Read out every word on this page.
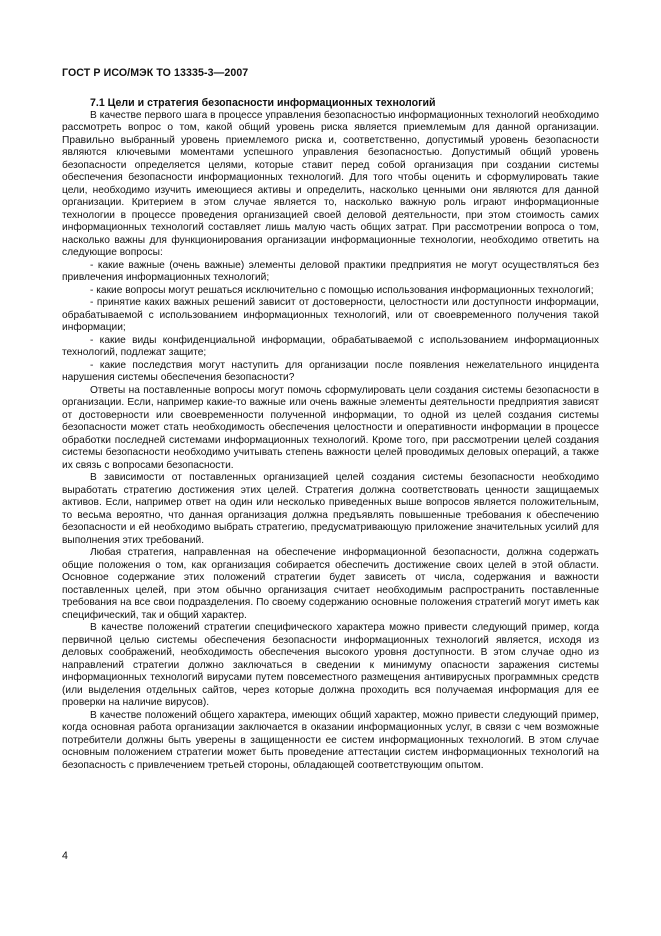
ГОСТ Р ИСО/МЭК ТО 13335-3—2007

7.1 Цели и стратегия безопасности информационных технологий

В качестве первого шага в процессе управления безопасностью информационных технологий необходимо рассмотреть вопрос о том, какой общий уровень риска является приемлемым для данной организации. Правильно выбранный уровень приемлемого риска и, соответственно, допустимый уровень безопасности являются ключевыми моментами успешного управления безопасностью. Допустимый общий уровень безопасности определяется целями, которые ставит перед собой организация при создании системы обеспечения безопасности информационных технологий. Для того чтобы оценить и сформулировать такие цели, необходимо изучить имеющиеся активы и определить, насколько ценными они являются для данной организации. Критерием в этом случае является то, насколько важную роль играют информационные технологии в процессе проведения организацией своей деловой деятельности, при этом стоимость самих информационных технологий составляет лишь малую часть общих затрат. При рассмотрении вопроса о том, насколько важны для функционирования организации информационные технологии, необходимо ответить на следующие вопросы:

- какие важные (очень важные) элементы деловой практики предприятия не могут осуществляться без привлечения информационных технологий;

- какие вопросы могут решаться исключительно с помощью использования информационных технологий;

- принятие каких важных решений зависит от достоверности, целостности или доступности информации, обрабатываемой с использованием информационных технологий, или от своевременного получения такой информации;

- какие виды конфиденциальной информации, обрабатываемой с использованием информационных технологий, подлежат защите;

- какие последствия могут наступить для организации после появления нежелательного инцидента нарушения системы обеспечения безопасности?

Ответы на поставленные вопросы могут помочь сформулировать цели создания системы безопасности в организации. Если, например какие-то важные или очень важные элементы деятельности предприятия зависят от достоверности или своевременности полученной информации, то одной из целей создания системы безопасности может стать необходимость обеспечения целостности и оперативности информации в процессе обработки последней системами информационных технологий. Кроме того, при рассмотрении целей создания системы безопасности необходимо учитывать степень важности целей проводимых деловых операций, а также их связь с вопросами безопасности.

В зависимости от поставленных организацией целей создания системы безопасности необходимо выработать стратегию достижения этих целей. Стратегия должна соответствовать ценности защищаемых активов. Если, например ответ на один или несколько приведенных выше вопросов является положительным, то весьма вероятно, что данная организация должна предъявлять повышенные требования к обеспечению безопасности и ей необходимо выбрать стратегию, предусматривающую приложение значительных усилий для выполнения этих требований.

Любая стратегия, направленная на обеспечение информационной безопасности, должна содержать общие положения о том, как организация собирается обеспечить достижение своих целей в этой области. Основное содержание этих положений стратегии будет зависеть от числа, содержания и важности поставленных целей, при этом обычно организация считает необходимым распространить поставленные требования на все свои подразделения. По своему содержанию основные положения стратегий могут иметь как специфический, так и общий характер.

В качестве положений стратегии специфического характера можно привести следующий пример, когда первичной целью системы обеспечения безопасности информационных технологий является, исходя из деловых соображений, необходимость обеспечения высокого уровня доступности. В этом случае одно из направлений стратегии должно заключаться в сведении к минимуму опасности заражения системы информационных технологий вирусами путем повсеместного размещения антивирусных программных средств (или выделения отдельных сайтов, через которые должна проходить вся получаемая информация для ее проверки на наличие вирусов).

В качестве положений общего характера, имеющих общий характер, можно привести следующий пример, когда основная работа организации заключается в оказании информационных услуг, в связи с чем возможные потребители должны быть уверены в защищенности ее систем информационных технологий. В этом случае основным положением стратегии может быть проведение аттестации систем информационных технологий на безопасность с привлечением третьей стороны, обладающей соответствующим опытом.

4
